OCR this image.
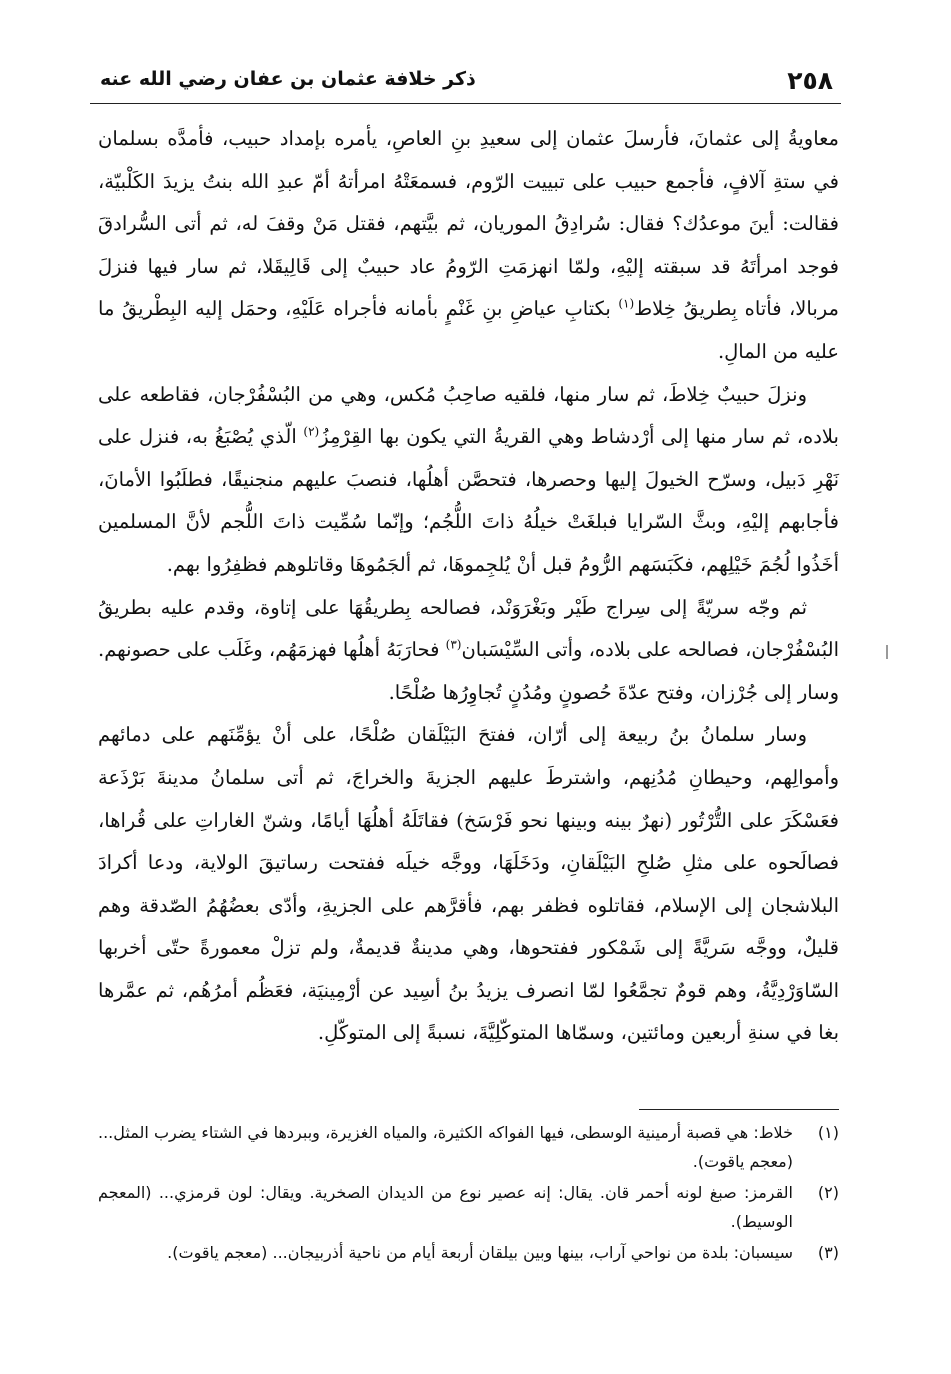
٢٥٨
ذكر خلافة عثمان بن عفان رضي الله عنه

معاويةُ إلى عثمانَ، فأرسلَ عثمان إلى سعيدِ بنِ العاصِ، يأمره بإمداد حبيب، فأمدَّه بسلمان في ستةِ آلافٍ، فأجمع حبيب على تبييت الرّوم، فسمعَتْهُ امرأتهُ أمّ عبدِ الله بنتُ يزيدَ الكَلْبيّة، فقالت: أينَ موعدُك؟ فقال: سُرادِقُ الموريان، ثم بيَّتهم، فقتل مَنْ وقفَ له، ثم أتى السُّرادقَ فوجد امرأتَهُ قد سبقته إليْهِ، ولمّا انهزمَتِ الرّومُ عاد حبيبٌ إلى قَالِيقَلا، ثم سار فيها فنزلَ مربالا، فأتاه بِطريقُ خِلاط$^{(١)}$ بكتابِ عياضِ بنِ غَنْمٍ بأمانه فأجراه عَلَيْهِ، وحمَل إليه البِطْريقُ ما عليه من المالِ.

ونزلَ حبيبٌ خِلاطَ، ثم سار منها، فلقيه صاحِبُ مُكس، وهي من البُسْفُرْجان، فقاطعه على بلاده، ثم سار منها إلى أرْدشاط وهي القريةُ التي يكون بها القِرْمِزُ$^{(٢)}$ الّذي يُصْبَغُ به، فنزل على نَهْرِ دَبيل، وسرّح الخيولَ إليها وحصرها، فتحصَّن أهلُها، فنصبَ عليهم منجنيقًا، فطلَبُوا الأمانَ، فأجابهم إليْهِ، وبثَّ السّرايا فبلغَتْ خيلُهُ ذاتَ اللُّجُم؛ وإنّما سُمِّيت ذاتَ اللُّجم لأنَّ المسلمين أخَذُوا لُجُمَ خَيْلِهم، فكَبَسَهم الرُّومُ قبل أنْ يُلجِموهَا، ثم ألجَمُوهَا وقاتلوهم فظفِرُوا بهم.

ثم وجّه سريّةً إلى سِراج طَيْر وبَغْرَوَنْد، فصالحه بِطريقُهَا على إتاوة، وقدم عليه بطريقُ البُسْفُرْجان، فصالحه على بلاده، وأتى السِّيْسَبان$^{(٣)}$ فحارَبَهُ أهلُها فهزمَهُم، وغَلَب على حصونهم. وسار إلى جُرْزان، وفتح عدّةَ حُصونٍ ومُدُنٍ تُجاوِرُها صُلْحًا.

وسار سلمانُ بنُ ربيعة إلى أرّان، ففتحَ البَيْلَقان صُلْحًا، على أنْ يؤمِّنَهم على دمائهم وأموالِهم، وحيطانِ مُدُنِهم، واشترطَ عليهم الجزيةَ والخراجَ، ثم أتى سلمانُ مدينةَ بَرْذَعة فعَسْكَرَ على التُّرْتُور (نهرٌ بينه وبينها نحو فَرْسَخ) فقاتَلَهُ أهلُهَا أيامًا، وشنّ الغاراتِ على قُراها، فصالَحوه على مثلِ صُلحِ البَيْلَقانِ، ودَخَلَهَا، ووجَّه خيلَه ففتحت رساتيقَ الولاية، ودعا أكرادَ البلاشجان إلى الإسلام، فقاتلوه فظفر بهم، فأقرَّهم على الجزيةِ، وأدّى بعضُهُمُ الصّدقة وهم قليلٌ، ووجَّه سَريَّةً إلى شَمْكور ففتحوها، وهي مدينةٌ قديمةٌ، ولم تزلْ معمورةً حتّى أخربها السّاوَرْدِيَّةُ، وهم قومٌ تجمَّعُوا لمّا انصرف يزيدُ بنُ أسِيد عن أرْمِينيَة، فعَظُم أمرُهُم، ثم عمَّرها بغا في سنةِ أربعين ومائتين، وسمّاها المتوكّلِيَّةَ، نسبةً إلى المتوكّلِ.

(١)
خلاط: هي قصبة أرمينية الوسطى، فيها الفواكه الكثيرة، والمياه الغزيرة، وببردها في الشتاء يضرب المثل... (معجم ياقوت).
(٢)
القرمز: صبغ لونه أحمر قان. يقال: إنه عصير نوع من الديدان الصخرية. ويقال: لون قرمزي... (المعجم الوسيط).
(٣)
سيسبان: بلدة من نواحي آراب، بينها وبين بيلقان أربعة أيام من ناحية أذربيجان... (معجم ياقوت).
